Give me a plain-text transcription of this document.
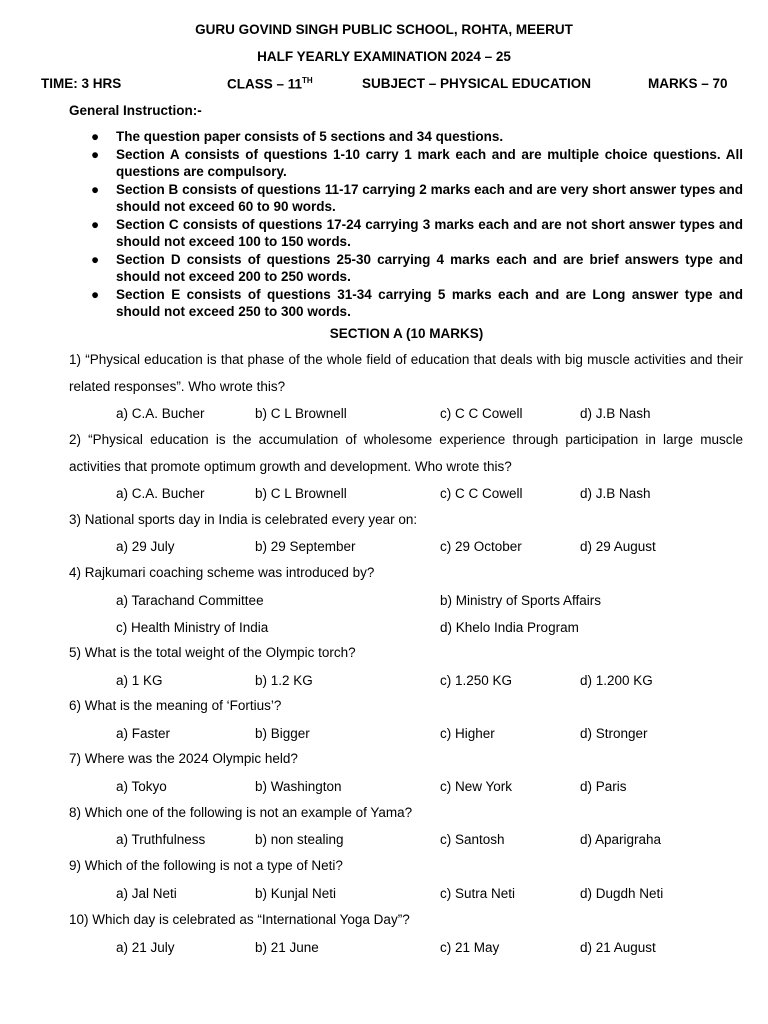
GURU GOVIND SINGH PUBLIC SCHOOL, ROHTA, MEERUT
HALF YEARLY EXAMINATION 2024 – 25
TIME: 3 HRS	CLASS – 11TH	SUBJECT – PHYSICAL EDUCATION	MARKS – 70
General Instruction:-
● The question paper consists of 5 sections and 34 questions.
● Section A consists of questions 1-10 carry 1 mark each and are multiple choice questions. All questions are compulsory.
● Section B consists of questions 11-17 carrying 2 marks each and are very short answer types and should not exceed 60 to 90 words.
● Section C consists of questions 17-24 carrying 3 marks each and are not short answer types and should not exceed 100 to 150 words.
● Section D consists of questions 25-30 carrying 4 marks each and are brief answers type and should not exceed 200 to 250 words.
● Section E consists of questions 31-34 carrying 5 marks each and are Long answer type and should not exceed 250 to 300 words.
SECTION A (10 MARKS)
1) “Physical education is that phase of the whole field of education that deals with big muscle activities and their related responses”. Who wrote this?
a) C.A. Bucher	b) C L Brownell	c) C C Cowell	d) J.B Nash
2) “Physical education is the accumulation of wholesome experience through participation in large muscle activities that promote optimum growth and development. Who wrote this?
a) C.A. Bucher	b) C L Brownell	c) C C Cowell	d) J.B Nash
3) National sports day in India is celebrated every year on:
a) 29 July	b) 29 September	c) 29 October	d) 29 August
4) Rajkumari coaching scheme was introduced by?
a) Tarachand Committee	b) Ministry of Sports Affairs
c) Health Ministry of India	d) Khelo India Program
5) What is the total weight of the Olympic torch?
a) 1 KG	b) 1.2 KG	c) 1.250 KG	d) 1.200 KG
6) What is the meaning of ‘Fortius’?
a) Faster	b) Bigger	c) Higher	d) Stronger
7) Where was the 2024 Olympic held?
a) Tokyo	b) Washington	c) New York	d) Paris
8) Which one of the following is not an example of Yama?
a) Truthfulness	b) non stealing	c) Santosh	d) Aparigraha
9) Which of the following is not a type of Neti?
a) Jal Neti	b) Kunjal Neti	c) Sutra Neti	d) Dugdh Neti
10) Which day is celebrated as “International Yoga Day”?
a) 21 July	b) 21 June	c) 21 May	d) 21 August
